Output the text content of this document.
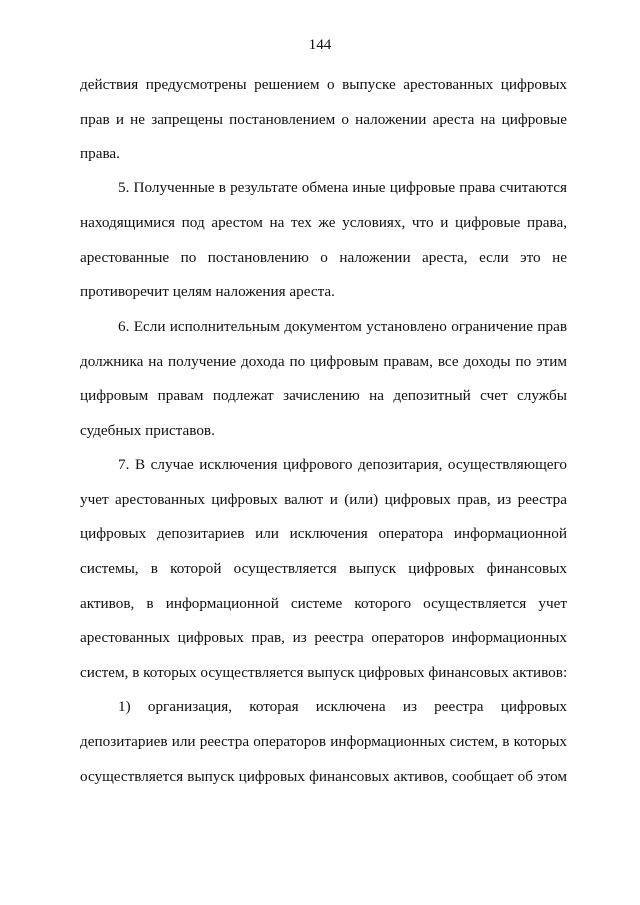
144
действия предусмотрены решением о выпуске арестованных цифровых
прав и не запрещены постановлением о наложении ареста на цифровые
права.
5. Полученные в результате обмена иные цифровые права считаются
находящимися под арестом на тех же условиях, что и цифровые права,
арестованные по постановлению о наложении ареста, если это не
противоречит целям наложения ареста.
6. Если исполнительным документом установлено ограничение прав
должника на получение дохода по цифровым правам, все доходы по этим
цифровым правам подлежат зачислению на депозитный счет службы
судебных приставов.
7. В случае исключения цифрового депозитария, осуществляющего
учет арестованных цифровых валют и (или) цифровых прав, из реестра
цифровых депозитариев или исключения оператора информационной
системы, в которой осуществляется выпуск цифровых финансовых
активов, в информационной системе которого осуществляется учет
арестованных цифровых прав, из реестра операторов информационных
систем, в которых осуществляется выпуск цифровых финансовых активов:
1) организация, которая исключена из реестра цифровых
депозитариев или реестра операторов информационных систем, в которых
осуществляется выпуск цифровых финансовых активов, сообщает об этом
